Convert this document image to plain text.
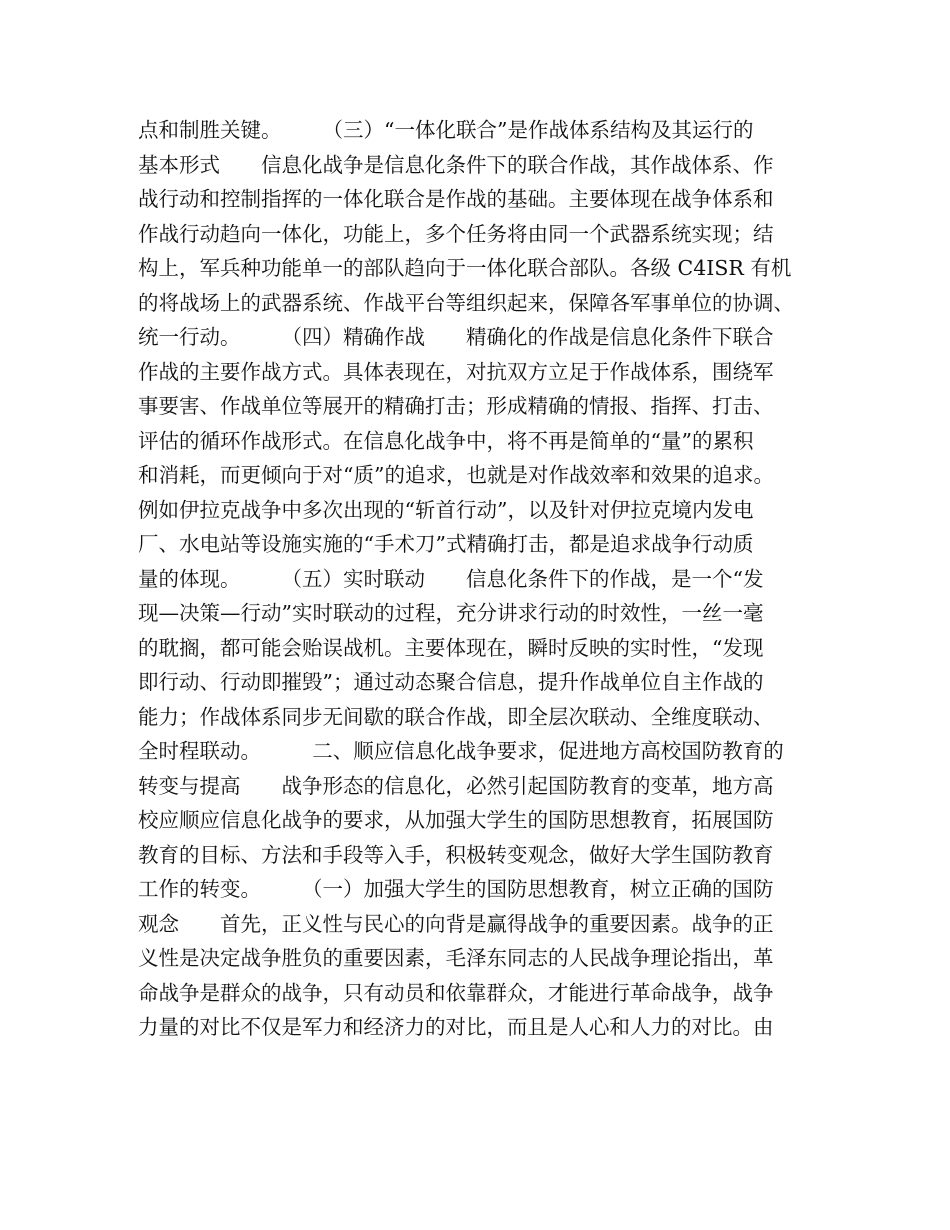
点和制胜关键。　　　（三）“一体化联合”是作战体系结构及其运行的
基本形式　　信息化战争是信息化条件下的联合作战，其作战体系、作
战行动和控制指挥的一体化联合是作战的基础。主要体现在战争体系和
作战行动趋向一体化，功能上，多个任务将由同一个武器系统实现；结
构上，军兵种功能单一的部队趋向于一体化联合部队。各级 C4ISR 有机
的将战场上的武器系统、作战平台等组织起来，保障各军事单位的协调、
统一行动。　　　（四）精确作战　　精确化的作战是信息化条件下联合
作战的主要作战方式。具体表现在，对抗双方立足于作战体系，围绕军
事要害、作战单位等展开的精确打击；形成精确的情报、指挥、打击、
评估的循环作战形式。在信息化战争中，将不再是简单的“量”的累积
和消耗，而更倾向于对“质”的追求，也就是对作战效率和效果的追求。
例如伊拉克战争中多次出现的“斩首行动”，以及针对伊拉克境内发电
厂、水电站等设施实施的“手术刀”式精确打击，都是追求战争行动质
量的体现。　　　（五）实时联动　　信息化条件下的作战，是一个“发
现—决策—行动”实时联动的过程，充分讲求行动的时效性，一丝一毫
的耽搁，都可能会贻误战机。主要体现在，瞬时反映的实时性，“发现
即行动、行动即摧毁”；通过动态聚合信息，提升作战单位自主作战的
能力；作战体系同步无间歇的联合作战，即全层次联动、全维度联动、
全时程联动。　　　二、顺应信息化战争要求，促进地方高校国防教育的
转变与提高　　战争形态的信息化，必然引起国防教育的变革，地方高
校应顺应信息化战争的要求，从加强大学生的国防思想教育，拓展国防
教育的目标、方法和手段等入手，积极转变观念，做好大学生国防教育
工作的转变。　　　（一）加强大学生的国防思想教育，树立正确的国防
观念　　首先，正义性与民心的向背是赢得战争的重要因素。战争的正
义性是决定战争胜负的重要因素，毛泽东同志的人民战争理论指出，革
命战争是群众的战争，只有动员和依靠群众，才能进行革命战争，战争
力量的对比不仅是军力和经济力的对比，而且是人心和人力的对比。由
